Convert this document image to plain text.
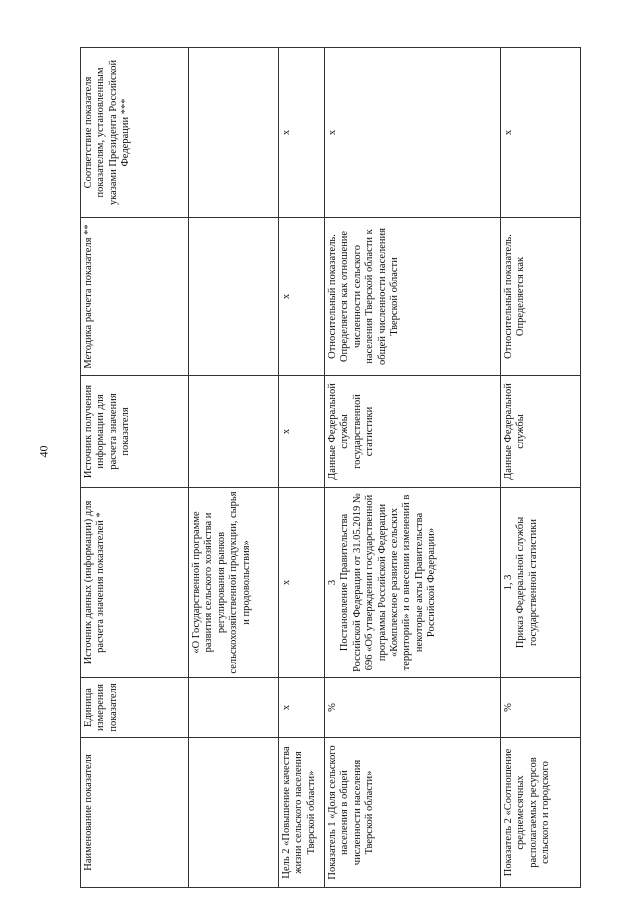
40
Наименование показателя	Единица измерения показателя	Источник данных (информации) для расчета значения показателей *	Источник получения информации для расчета значения показателя	Методика расчета показателя **	Соответствие показателя показателям, установленным указами Президента Российской Федерации ***
		«О Государственной программе развития сельского хозяйства и регулирования рынков сельскохозяйственной продукции, сырья и продовольствия»			
Цель 2 «Повышение качества жизни сельского населения Тверской области»	х	х	х	х	х
Показатель 1 «Доля сельского населения в общей численности населения Тверской области»	%	3 Постановление Правительства Российской Федерации от 31.05.2019 № 696 «Об утверждении государственной программы Российской Федерации «Комплексное развитие сельских территорий» и о внесении изменений в некоторые акты Правительства Российской Федерации»	Данные Федеральной службы государственной статистики	Относительный показатель. Определяется как отношение численности сельского населения Тверской области к общей численности населения Тверской области	х
Показатель 2 «Соотношение среднемесячных располагаемых ресурсов сельского и городского	%	1, 3 Приказ Федеральной службы государственной статистики	Данные Федеральной службы	Относительный показатель. Определяется как	х
